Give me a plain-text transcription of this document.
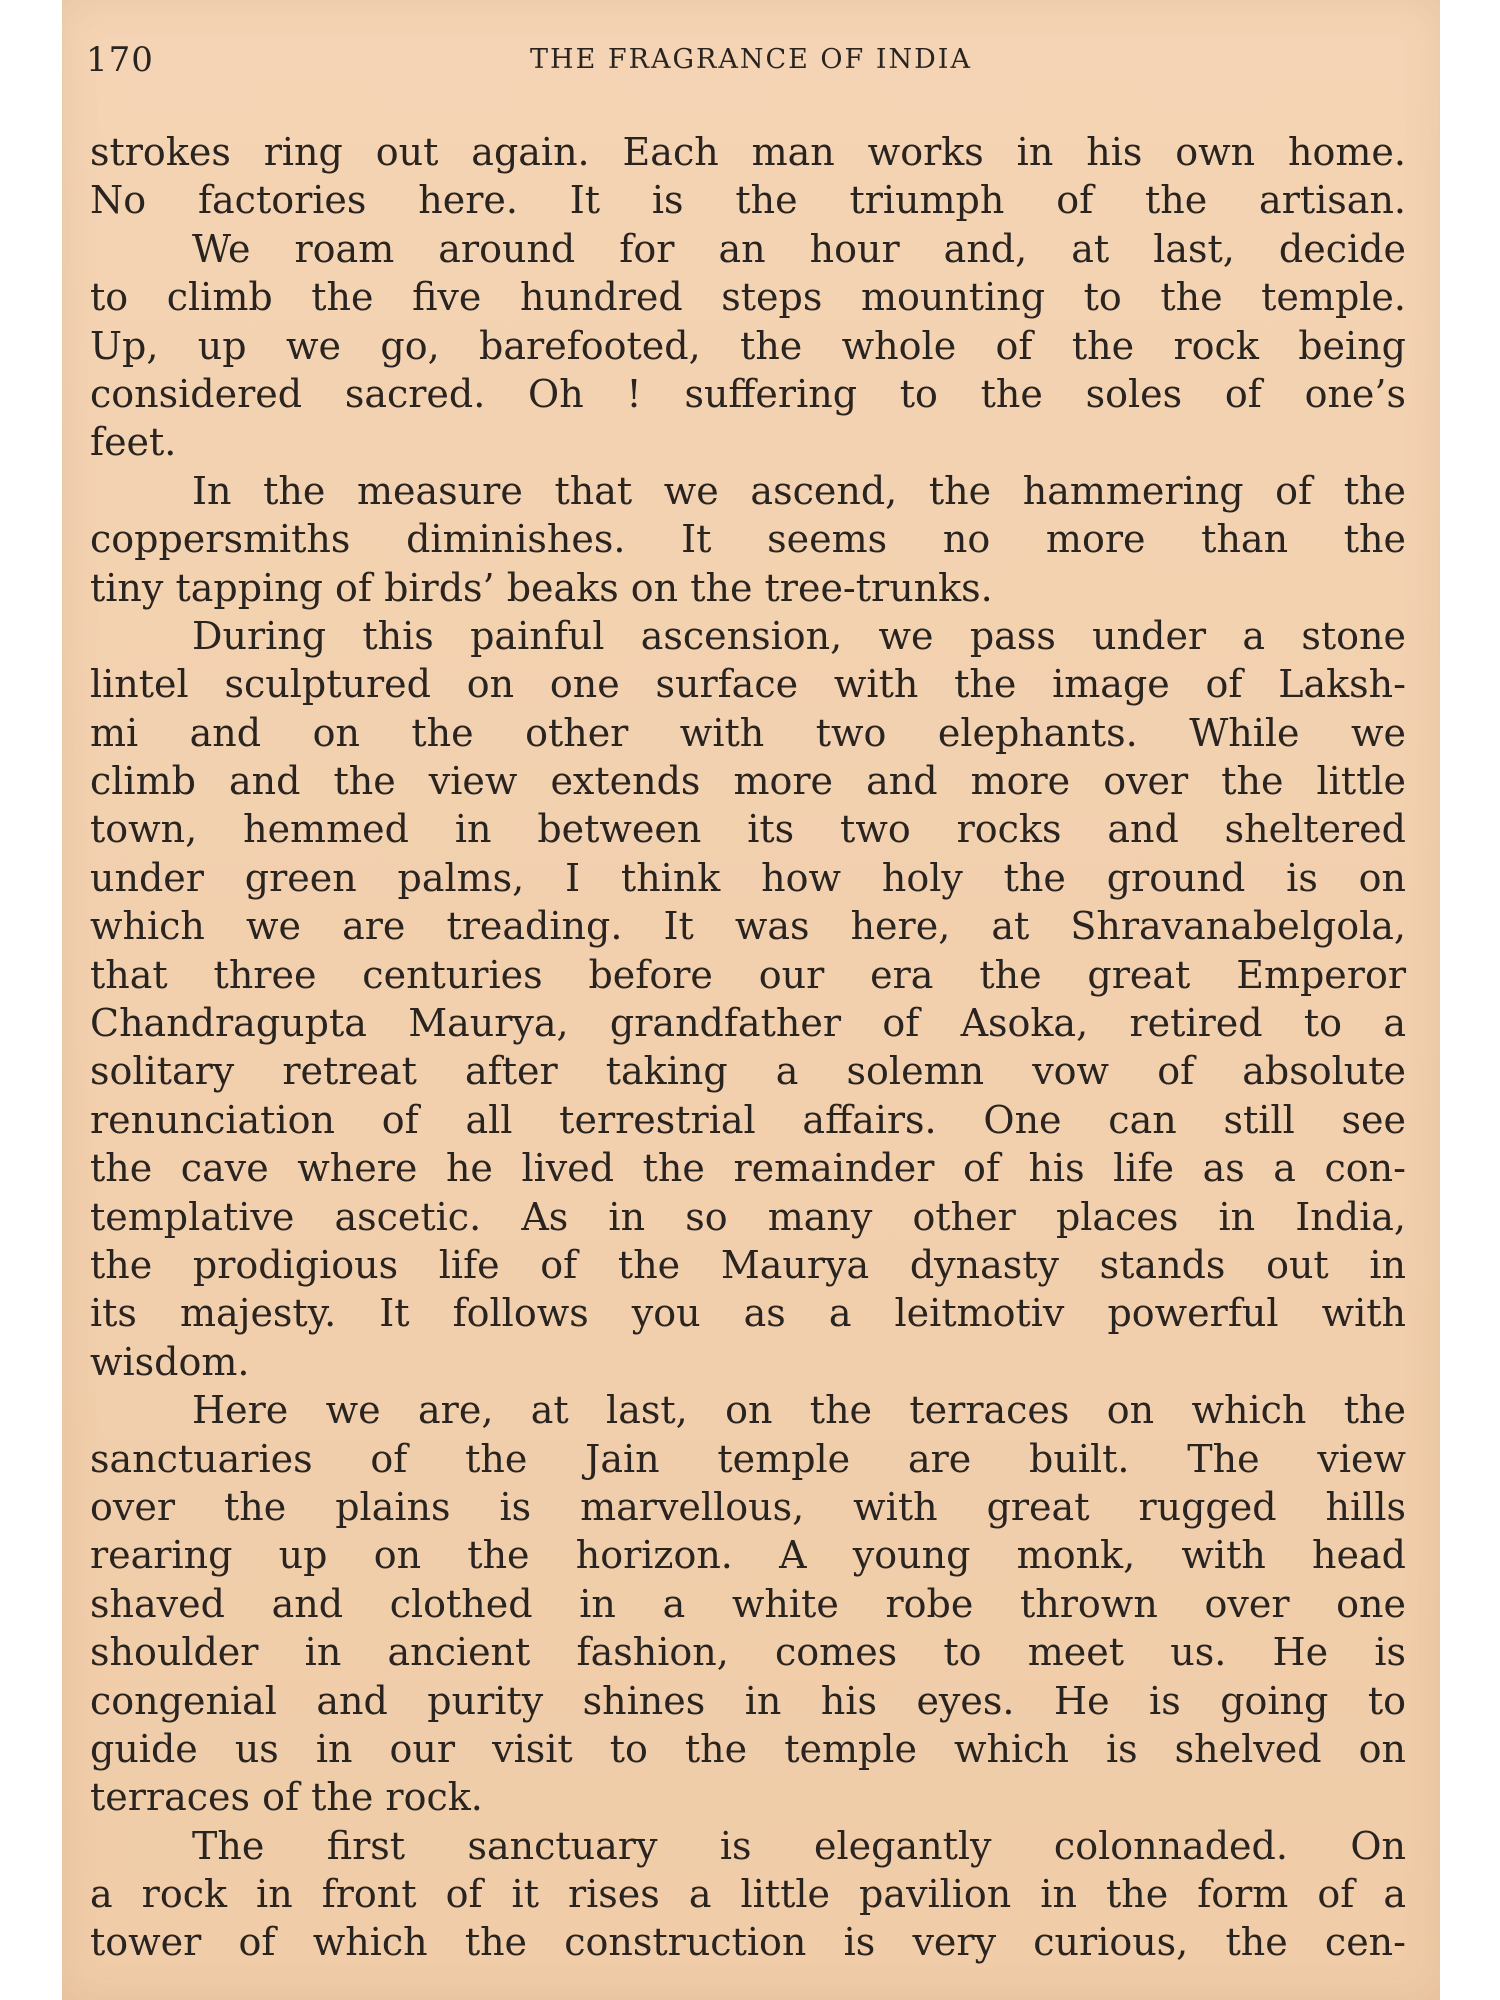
170	THE FRAGRANCE OF INDIA
strokes ring out again. Each man works in his own home.
No factories here. It is the triumph of the artisan.
We roam around for an hour and, at last, decide
to climb the five hundred steps mounting to the temple.
Up, up we go, barefooted, the whole of the rock being
considered sacred. Oh ! suffering to the soles of one’s
feet.
In the measure that we ascend, the hammering of the
coppersmiths diminishes. It seems no more than the
tiny tapping of birds’ beaks on the tree-trunks.
During this painful ascension, we pass under a stone
lintel sculptured on one surface with the image of Laksh-
mi and on the other with two elephants. While we
climb and the view extends more and more over the little
town, hemmed in between its two rocks and sheltered
under green palms, I think how holy the ground is on
which we are treading. It was here, at Shravanabelgola,
that three centuries before our era the great Emperor
Chandragupta Maurya, grandfather of Asoka, retired to a
solitary retreat after taking a solemn vow of absolute
renunciation of all terrestrial affairs. One can still see
the cave where he lived the remainder of his life as a con-
templative ascetic. As in so many other places in India,
the prodigious life of the Maurya dynasty stands out in
its majesty. It follows you as a leitmotiv powerful with
wisdom.
Here we are, at last, on the terraces on which the
sanctuaries of the Jain temple are built. The view
over the plains is marvellous, with great rugged hills
rearing up on the horizon. A young monk, with head
shaved and clothed in a white robe thrown over one
shoulder in ancient fashion, comes to meet us. He is
congenial and purity shines in his eyes. He is going to
guide us in our visit to the temple which is shelved on
terraces of the rock.
The first sanctuary is elegantly colonnaded. On
a rock in front of it rises a little pavilion in the form of a
tower of which the construction is very curious, the cen-
